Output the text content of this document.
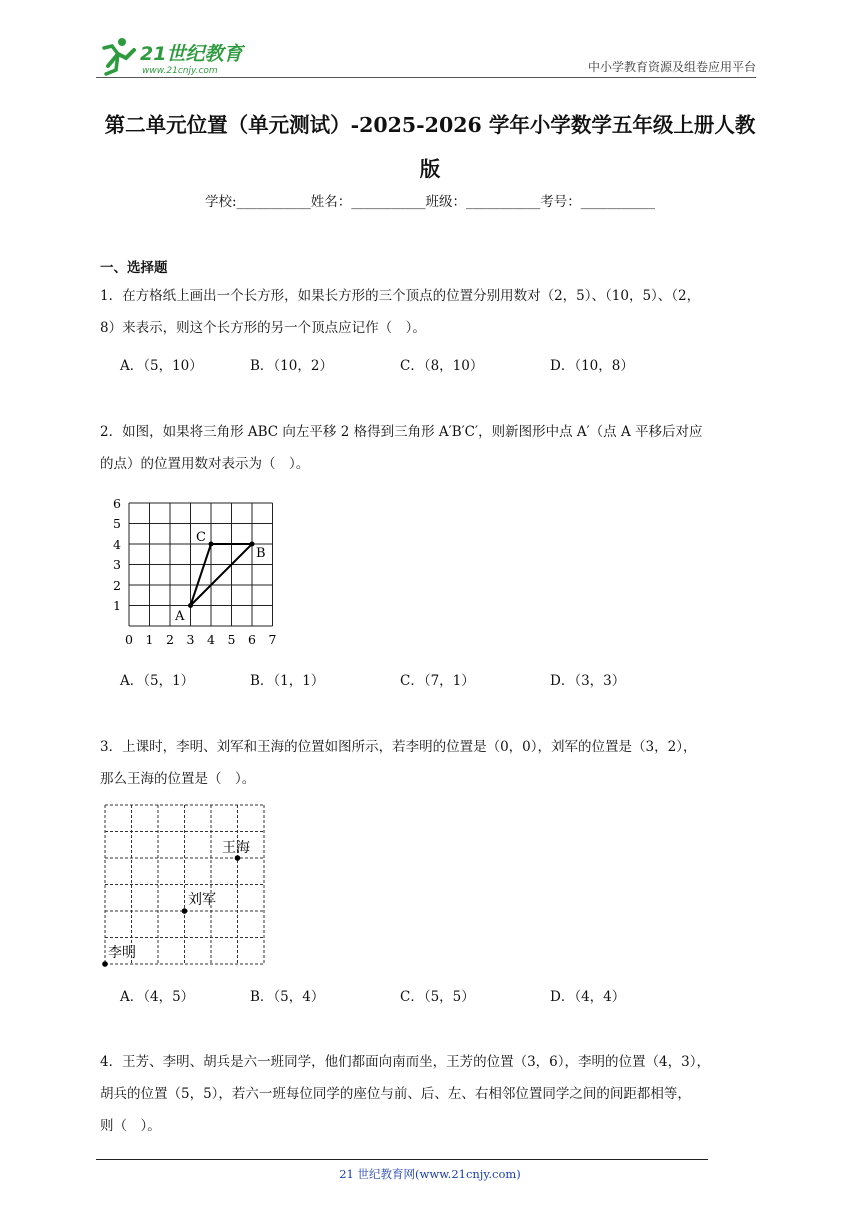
21世纪教育
www.21cnjy.com	中小学教育资源及组卷应用平台
第二单元位置（单元测试）-2025-2026 学年小学数学五年级上册人教
版
学校:___________姓名：___________班级：___________考号：___________
一、选择题
1．在方格纸上画出一个长方形，如果长方形的三个顶点的位置分别用数对（2，5）、（10，5）、（2，
8）来表示，则这个长方形的另一个顶点应记作（　）。
A．（5，10）	B．（10，2）	C．（8，10）	D．（10，8）
2．如图，如果将三角形 ABC 向左平移 2 格得到三角形 A′B′C′，则新图形中点 A′（点 A 平移后对应
的点）的位置用数对表示为（　）。
A
B
C
1
2
3
4
5
6
0 1 2 3 4 5 6 7
A．（5，1）	B．（1，1）	C．（7，1）	D．（3，3）
3．上课时，李明、刘军和王海的位置如图所示，若李明的位置是（0，0），刘军的位置是（3，2），
那么王海的位置是（　）。
李明
刘军
王海
A．（4，5）	B．（5，4）	C．（5，5）	D．（4，4）
4．王芳、李明、胡兵是六一班同学，他们都面向南而坐，王芳的位置（3，6），李明的位置（4，3），
胡兵的位置（5，5），若六一班每位同学的座位与前、后、左、右相邻位置同学之间的间距都相等，
则（　）。
21 世纪教育网(www.21cnjy.com)
